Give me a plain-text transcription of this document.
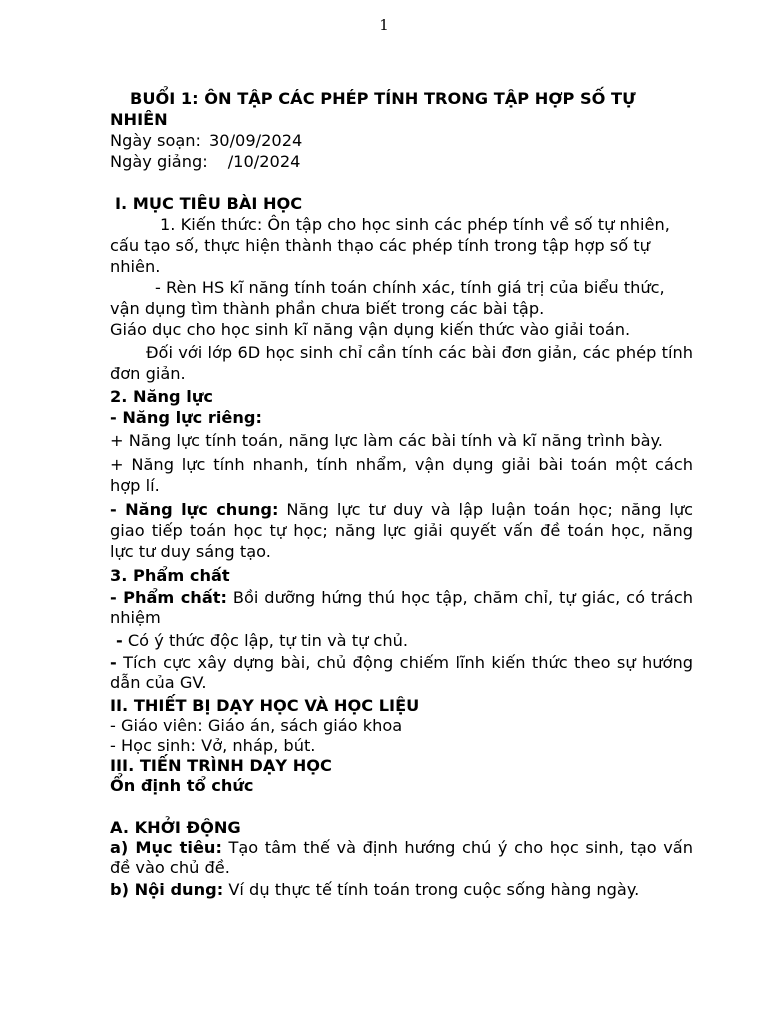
1

BUỔI 1: ÔN TẬP CÁC PHÉP TÍNH TRONG TẬP HỢP SỐ TỰ NHIÊN

Ngày soạn: 30/09/2024

Ngày giảng: /10/2024

I. MỤC TIÊU BÀI HỌC

1. Kiến thức: Ôn tập cho học sinh các phép tính về số tự nhiên, cấu tạo số, thực hiện thành thạo các phép tính trong tập hợp số tự nhiên.

- Rèn HS kĩ năng tính toán chính xác, tính giá trị của biểu thức, vận dụng tìm thành phần chưa biết trong các bài tập.

Giáo dục cho học sinh kĩ năng vận dụng kiến thức vào giải toán.

Đối với lớp 6D học sinh chỉ cần tính các bài đơn giản, các phép tính đơn giản.

2. Năng lực

- Năng lực riêng:

+ Năng lực tính toán, năng lực làm các bài tính và kĩ năng trình bày.

+ Năng lực tính nhanh, tính nhẩm, vận dụng giải bài toán một cách hợp lí.

- Năng lực chung: Năng lực tư duy và lập luận toán học; năng lực giao tiếp toán học tự học; năng lực giải quyết vấn đề toán học, năng lực tư duy sáng tạo.

3. Phẩm chất

- Phẩm chất: Bồi dưỡng hứng thú học tập, chăm chỉ, tự giác, có trách nhiệm

- Có ý thức độc lập, tự tin và tự chủ.

- Tích cực xây dựng bài, chủ động chiếm lĩnh kiến thức theo sự hướng dẫn của GV.

II. THIẾT BỊ DẠY HỌC VÀ HỌC LIỆU

- Giáo viên: Giáo án, sách giáo khoa

- Học sinh: Vở, nháp, bút.

III. TIẾN TRÌNH DẠY HỌC

Ổn định tổ chức

A. KHỞI ĐỘNG

a) Mục tiêu: Tạo tâm thế và định hướng chú ý cho học sinh, tạo vấn đề vào chủ đề.

b) Nội dung: Ví dụ thực tế tính toán trong cuộc sống hàng ngày.
